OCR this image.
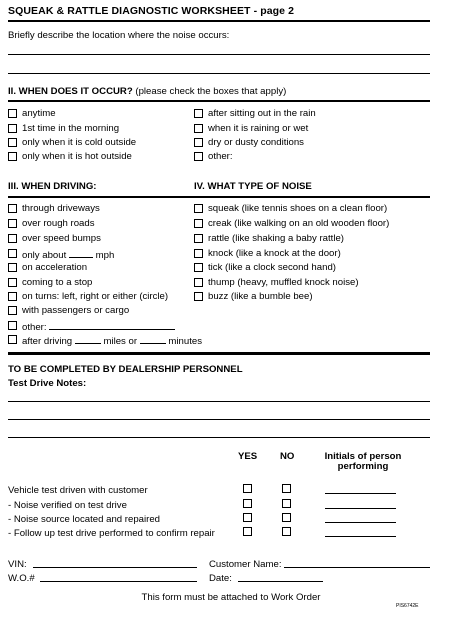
SQUEAK & RATTLE DIAGNOSTIC WORKSHEET - page 2
Briefly describe the location where the noise occurs:
II. WHEN DOES IT OCCUR? (please check the boxes that apply)
anytime
1st time in the morning
only when it is cold outside
only when it is hot outside
after sitting out in the rain
when it is raining or wet
dry or dusty conditions
other:
III. WHEN DRIVING:	IV. WHAT TYPE OF NOISE
through driveways
over rough roads
over speed bumps
only about	mph
on acceleration
coming to a stop
on turns: left, right or either (circle)
with passengers or cargo
other:
after driving	miles or	minutes
squeak (like tennis shoes on a clean floor)
creak (like walking on an old wooden floor)
rattle (like shaking a baby rattle)
knock (like a knock at the door)
tick (like a clock second hand)
thump (heavy, muffled knock noise)
buzz (like a bumble bee)
TO BE COMPLETED BY DEALERSHIP PERSONNEL
Test Drive Notes:
YES NO	Initials of person
performing
Vehicle test driven with customer
- Noise verified on test drive
- Noise source located and repaired
- Follow up test drive performed to confirm repair
VIN:	Customer Name:
W.O.#	Date:
This form must be attached to Work Order
PIS6742E
